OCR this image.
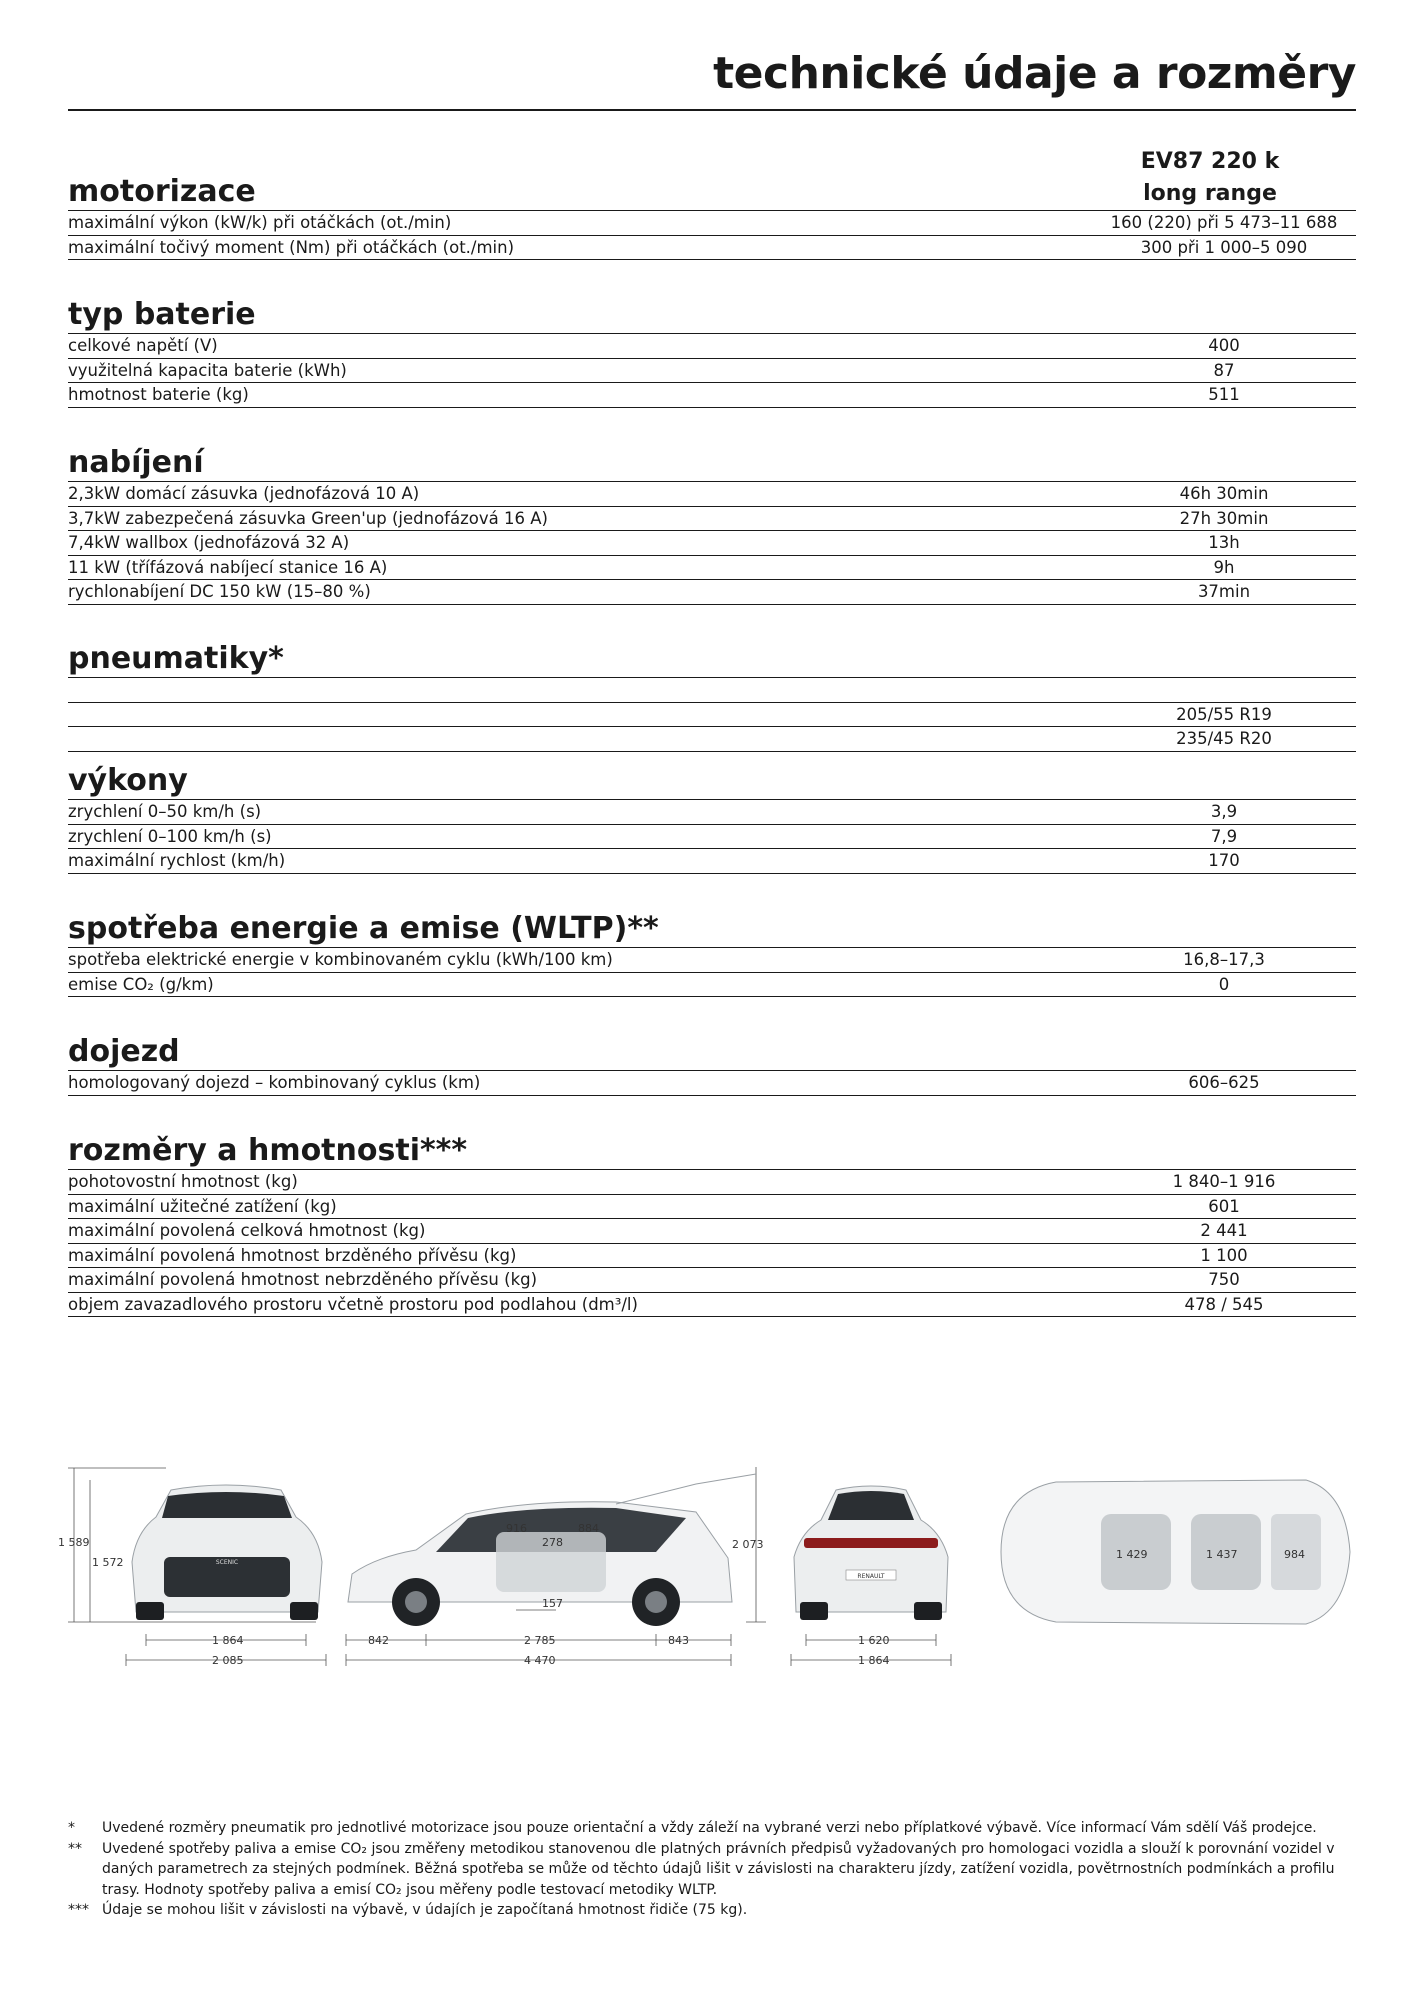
technické údaje a rozměry
EV87 220 k
long range
motorizace
maximální výkon (kW/k) při otáčkách (ot./min)	160 (220) při 5 473–11 688
maximální točivý moment (Nm) při otáčkách (ot./min)	300 při 1 000–5 090
typ baterie
celkové napětí (V)	400
využitelná kapacita baterie (kWh)	87
hmotnost baterie (kg)	511
nabíjení
2,3kW domácí zásuvka (jednofázová 10 A)	46h 30min
3,7kW zabezpečená zásuvka Green'up (jednofázová 16 A)	27h 30min
7,4kW wallbox (jednofázová 32 A)	13h
11 kW (třífázová nabíjecí stanice 16 A)	9h
rychlonabíjení DC 150 kW (15–80 %)	37min
pneumatiky*
205/55 R19
235/45 R20
výkony
zrychlení 0–50 km/h (s)	3,9
zrychlení 0–100 km/h (s)	7,9
maximální rychlost (km/h)	170
spotřeba energie a emise (WLTP)**
spotřeba elektrické energie v kombinovaném cyklu (kWh/100 km)	16,8–17,3
emise CO₂ (g/km)	0
dojezd
homologovaný dojezd – kombinovaný cyklus (km)	606–625
rozměry a hmotnosti***
pohotovostní hmotnost (kg)	1 840–1 916
maximální užitečné zatížení (kg)	601
maximální povolená celková hmotnost (kg)	2 441
maximální povolená hmotnost brzděného přívěsu (kg)	1 100
maximální povolená hmotnost nebrzděného přívěsu (kg)	750
objem zavazadlového prostoru včetně prostoru pod podlahou (dm³/l)	478 / 545
SCENIC
RENAULT
1 589
1 572
1 864
2 085
842	2 785	843
4 470
157
916
278
884
2 073
1 620
1 864
1 429	1 437	984
*	Uvedené rozměry pneumatik pro jednotlivé motorizace jsou pouze orientační a vždy záleží na vybrané verzi nebo příplatkové výbavě. Více informací Vám sdělí Váš prodejce.
**	Uvedené spotřeby paliva a emise CO₂ jsou změřeny metodikou stanovenou dle platných právních předpisů vyžadovaných pro homologaci vozidla a slouží k porovnání vozidel v daných parametrech za stejných podmínek. Běžná spotřeba se může od těchto údajů lišit v závislosti na charakteru jízdy, zatížení vozidla, povětrnostních podmínkách a profilu trasy. Hodnoty spotřeby paliva a emisí CO₂ jsou měřeny podle testovací metodiky WLTP.
*** Údaje se mohou lišit v závislosti na výbavě, v údajích je započítaná hmotnost řidiče (75 kg).
